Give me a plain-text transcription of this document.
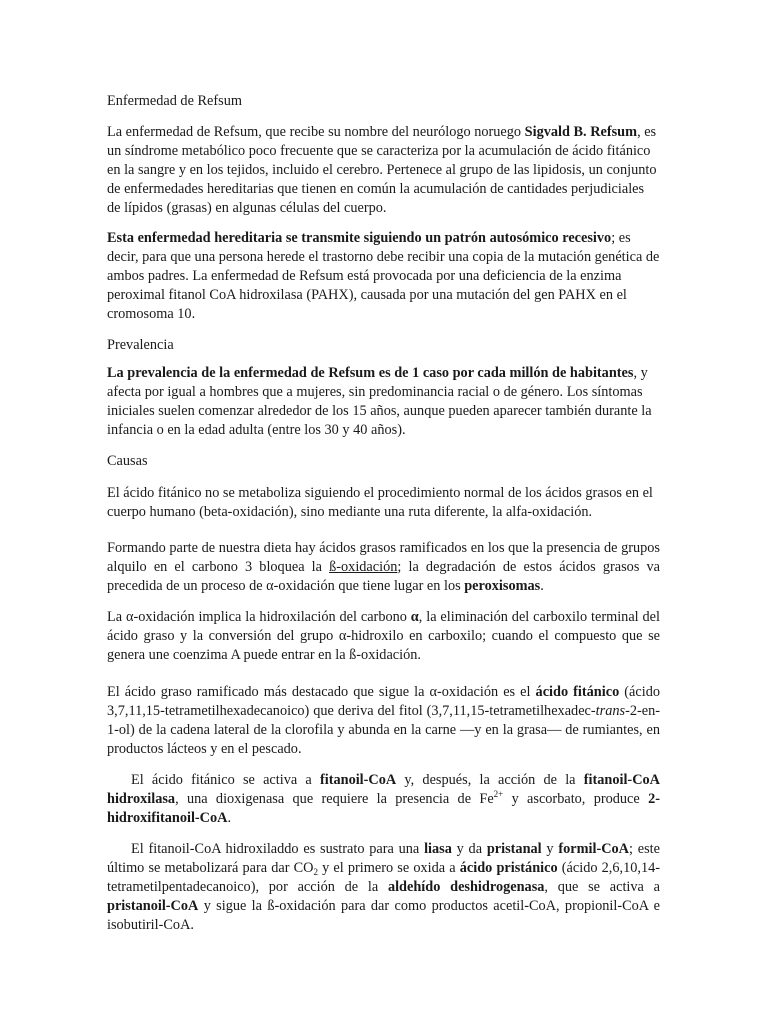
Enfermedad de Refsum

La enfermedad de Refsum, que recibe su nombre del neurólogo noruego Sigvald B. Refsum, es un síndrome metabólico poco frecuente que se caracteriza por la acumulación de ácido fitánico en la sangre y en los tejidos, incluido el cerebro. Pertenece al grupo de las lipidosis, un conjunto de enfermedades hereditarias que tienen en común la acumulación de cantidades perjudiciales de lípidos (grasas) en algunas células del cuerpo.

Esta enfermedad hereditaria se transmite siguiendo un patrón autosómico recesivo; es decir, para que una persona herede el trastorno debe recibir una copia de la mutación genética de ambos padres. La enfermedad de Refsum está provocada por una deficiencia de la enzima peroximal fitanol CoA hidroxilasa (PAHX), causada por una mutación del gen PAHX en el cromosoma 10.

Prevalencia

La prevalencia de la enfermedad de Refsum es de 1 caso por cada millón de habitantes, y afecta por igual a hombres que a mujeres, sin predominancia racial o de género. Los síntomas iniciales suelen comenzar alrededor de los 15 años, aunque pueden aparecer también durante la infancia o en la edad adulta (entre los 30 y 40 años).

Causas

El ácido fitánico no se metaboliza siguiendo el procedimiento normal de los ácidos grasos en el cuerpo humano (beta-oxidación), sino mediante una ruta diferente, la alfa-oxidación.

Formando parte de nuestra dieta hay ácidos grasos ramificados en los que la presencia de grupos alquilo en el carbono 3 bloquea la ß-oxidación; la degradación de estos ácidos grasos va precedida de un proceso de α-oxidación que tiene lugar en los peroxisomas.

La α-oxidación implica la hidroxilación del carbono α, la eliminación del carboxilo terminal del ácido graso y la conversión del grupo α-hidroxilo en carboxilo; cuando el compuesto que se genera une coenzima A puede entrar en la ß-oxidación.

El ácido graso ramificado más destacado que sigue la α-oxidación es el ácido fitánico (ácido 3,7,11,15-tetrametilhexadecanoico) que deriva del fitol (3,7,11,15-tetrametilhexadec-trans-2-en-1-ol) de la cadena lateral de la clorofila y abunda en la carne —y en la grasa— de rumiantes, en productos lácteos y en el pescado.

El ácido fitánico se activa a fitanoil-CoA y, después, la acción de la fitanoil-CoA hidroxilasa, una dioxigenasa que requiere la presencia de $Fe^{2+}$ y ascorbato, produce 2-hidroxifitanoil-CoA.

El fitanoil-CoA hidroxiladdo es sustrato para una liasa y da pristanal y formil-CoA; este último se metabolizará para dar $CO_2$ y el primero se oxida a ácido pristánico (ácido 2,6,10,14-tetrametilpentadecanoico), por acción de la aldehído deshidrogenasa, que se activa a pristanoil-CoA y sigue la ß-oxidación para dar como productos acetil-CoA, propionil-CoA e isobutiril-CoA.
